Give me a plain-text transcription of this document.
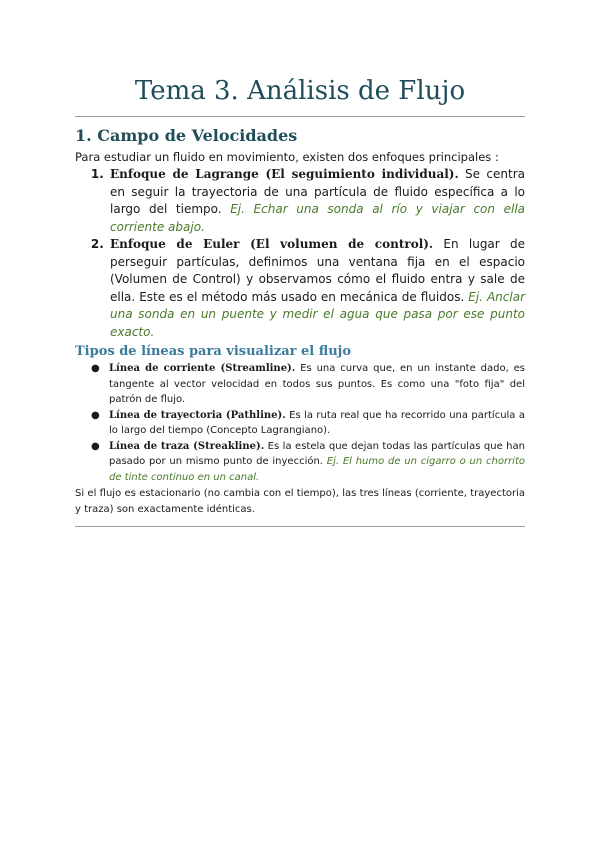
Tema 3. Análisis de Flujo
1. Campo de Velocidades

Para estudiar un fluido en movimiento, existen dos enfoques principales :

1. Enfoque de Lagrange (El seguimiento individual). Se centra en seguir la trayectoria de una partícula de fluido específica a lo largo del tiempo. Ej. Echar una sonda al río y viajar con ella corriente abajo.
2. Enfoque de Euler (El volumen de control). En lugar de perseguir partículas, definimos una ventana fija en el espacio (Volumen de Control) y observamos cómo el fluido entra y sale de ella. Este es el método más usado en mecánica de fluidos. Ej. Anclar una sonda en un puente y medir el agua que pasa por ese punto exacto.
Tipos de líneas para visualizar el flujo
● Línea de corriente (Streamline). Es una curva que, en un instante dado, es tangente al vector velocidad en todos sus puntos. Es como una "foto fija" del patrón de flujo.
● Línea de trayectoria (Pathline). Es la ruta real que ha recorrido una partícula a lo largo del tiempo (Concepto Lagrangiano).
● Línea de traza (Streakline). Es la estela que dejan todas las partículas que han pasado por un mismo punto de inyección. Ej. El humo de un cigarro o un chorrito de tinte continuo en un canal.

Si el flujo es estacionario (no cambia con el tiempo), las tres líneas (corriente, trayectoria y traza) son exactamente idénticas.
